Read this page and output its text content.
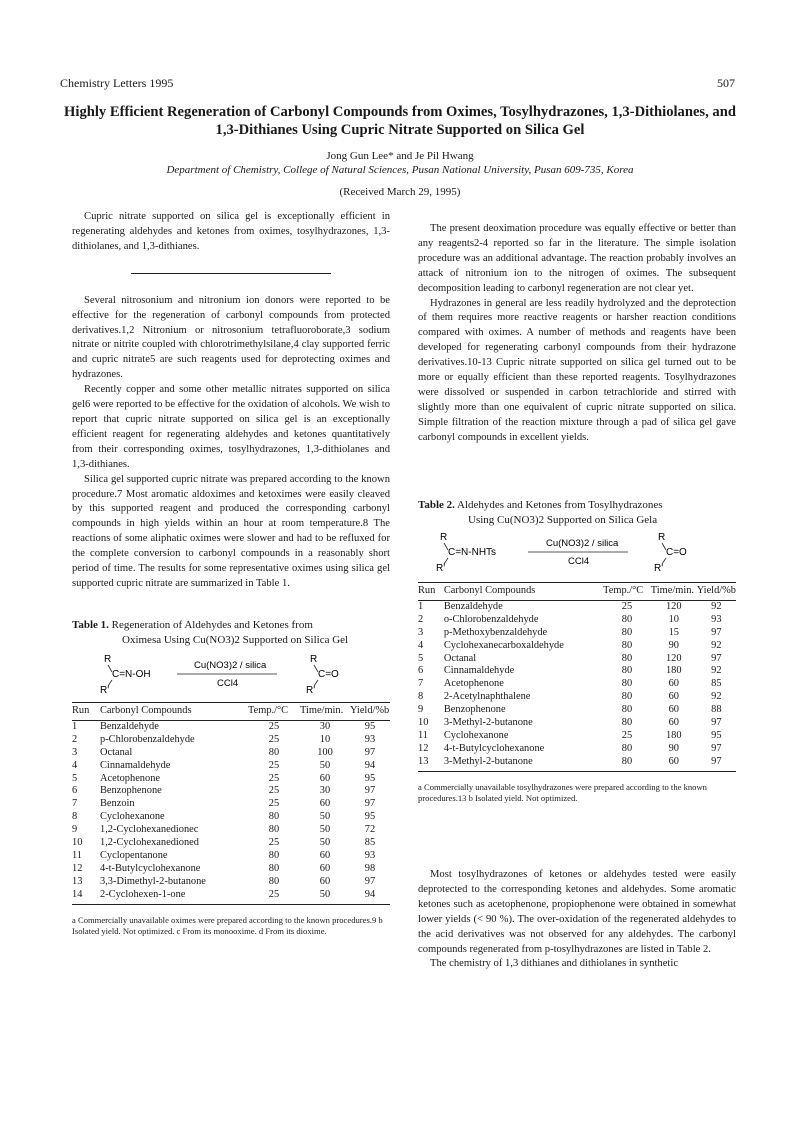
Chemistry Letters 1995	507
Highly Efficient Regeneration of Carbonyl Compounds from Oximes, Tosylhydrazones, 1,3-Dithiolanes, and 1,3-Dithianes Using Cupric Nitrate Supported on Silica Gel
Jong Gun Lee* and Je Pil Hwang
Department of Chemistry, College of Natural Sciences, Pusan National University, Pusan 609-735, Korea
(Received March 29, 1995)
Cupric nitrate supported on silica gel is exceptionally efficient in regenerating aldehydes and ketones from oximes, tosylhydrazones, 1,3-dithiolanes, and 1,3-dithianes.

Several nitrosonium and nitronium ion donors were reported to be effective for the regeneration of carbonyl compounds from protected derivatives.1,2 Nitronium or nitrosonium tetrafluoroborate,3 sodium nitrate or nitrite coupled with chlorotrimethylsilane,4 clay supported ferric and cupric nitrate5 are such reagents used for deprotecting oximes and hydrazones.

Recently copper and some other metallic nitrates supported on silica gel6 were reported to be effective for the oxidation of alcohols. We wish to report that cupric nitrate supported on silica gel is an exceptionally efficient reagent for regenerating aldehydes and ketones quantitatively from their corresponding oximes, tosylhydrazones, 1,3-dithiolanes and 1,3-dithianes.

Silica gel supported cupric nitrate was prepared according to the known procedure.7 Most aromatic aldoximes and ketoximes were easily cleaved by this supported reagent and produced the corresponding carbonyl compounds in high yields within an hour at room temperature.8 The reactions of some aliphatic oximes were slower and had to be refluxed for the complete conversion to carbonyl compounds in a reasonably short period of time. The results for some representative oximes using silica gel supported cupric nitrate are summarized in Table 1.

Table 1. Regeneration of Aldehydes and Ketones from
Oximesa Using Cu(NO3)2 Supported on Silica Gel
R
C=N-OH
R'
Cu(NO3)2 / silica
CCl4
R
C=O
R'
Run	Carbonyl Compounds	Temp./°C	Time/min.	Yield/%b
1	Benzaldehyde	25	30	95
2	p-Chlorobenzaldehyde	25	10	93
3	Octanal	80	100	97
4	Cinnamaldehyde	25	50	94
5	Acetophenone	25	60	95
6	Benzophenone	25	30	97
7	Benzoin	25	60	97
8	Cyclohexanone	80	50	95
9	1,2-Cyclohexanedionec	80	50	72
10	1,2-Cyclohexanedioned	25	50	85
11	Cyclopentanone	80	60	93
12	4-t-Butylcyclohexanone	80	60	98
13	3,3-Dimethyl-2-butanone	80	60	97
14	2-Cyclohexen-1-one	25	50	94
a Commercially unavailable oximes were prepared according to the known procedures.9 b Isolated yield. Not optimized. c From its monooxime. d From its dioxime.

The present deoximation procedure was equally effective or better than any reagents2-4 reported so far in the literature. The simple isolation procedure was an additional advantage. The reaction probably involves an attack of nitronium ion to the nitrogen of oximes. The subsequent decomposition leading to carbonyl regeneration are not clear yet.

Hydrazones in general are less readily hydrolyzed and the deprotection of them requires more reactive reagents or harsher reaction conditions compared with oximes. A number of methods and reagents have been developed for regenerating carbonyl compounds from their hydrazone derivatives.10-13 Cupric nitrate supported on silica gel turned out to be more or equally efficient than these reported reagents. Tosylhydrazones were dissolved or suspended in carbon tetrachloride and stirred with slightly more than one equivalent of cupric nitrate supported on silica. Simple filtration of the reaction mixture through a pad of silica gel gave carbonyl compounds in excellent yields.

Table 2. Aldehydes and Ketones from Tosylhydrazones
Using Cu(NO3)2 Supported on Silica Gela
R
C=N-NHTs
R'
Cu(NO3)2 / silica
CCl4
R
C=O
R'
Run	Carbonyl Compounds	Temp./°C	Time/min.	Yield/%b
1	Benzaldehyde	25	120	92
2	o-Chlorobenzaldehyde	80	10	93
3	p-Methoxybenzaldehyde	80	15	97
4	Cyclohexanecarboxaldehyde	80	90	92
5	Octanal	80	120	97
6	Cinnamaldehyde	80	180	92
7	Acetophenone	80	60	85
8	2-Acetylnaphthalene	80	60	92
9	Benzophenone	80	60	88
10	3-Methyl-2-butanone	80	60	97
11	Cyclohexanone	25	180	95
12	4-t-Butylcyclohexanone	80	90	97
13	3-Methyl-2-butanone	80	60	97
a Commercially unavailable tosylhydrazones were prepared according to the known procedures.13 b Isolated yield. Not optimized.

Most tosylhydrazones of ketones or aldehydes tested were easily deprotected to the corresponding ketones and aldehydes. Some aromatic ketones such as acetophenone, propiophenone were obtained in somewhat lower yields (< 90 %). The over-oxidation of the regenerated aldehydes to the acid derivatives was not observed for any aldehydes. The carbonyl compounds regenerated from p-tosylhydrazones are listed in Table 2.

The chemistry of 1,3 dithianes and dithiolanes in synthetic
